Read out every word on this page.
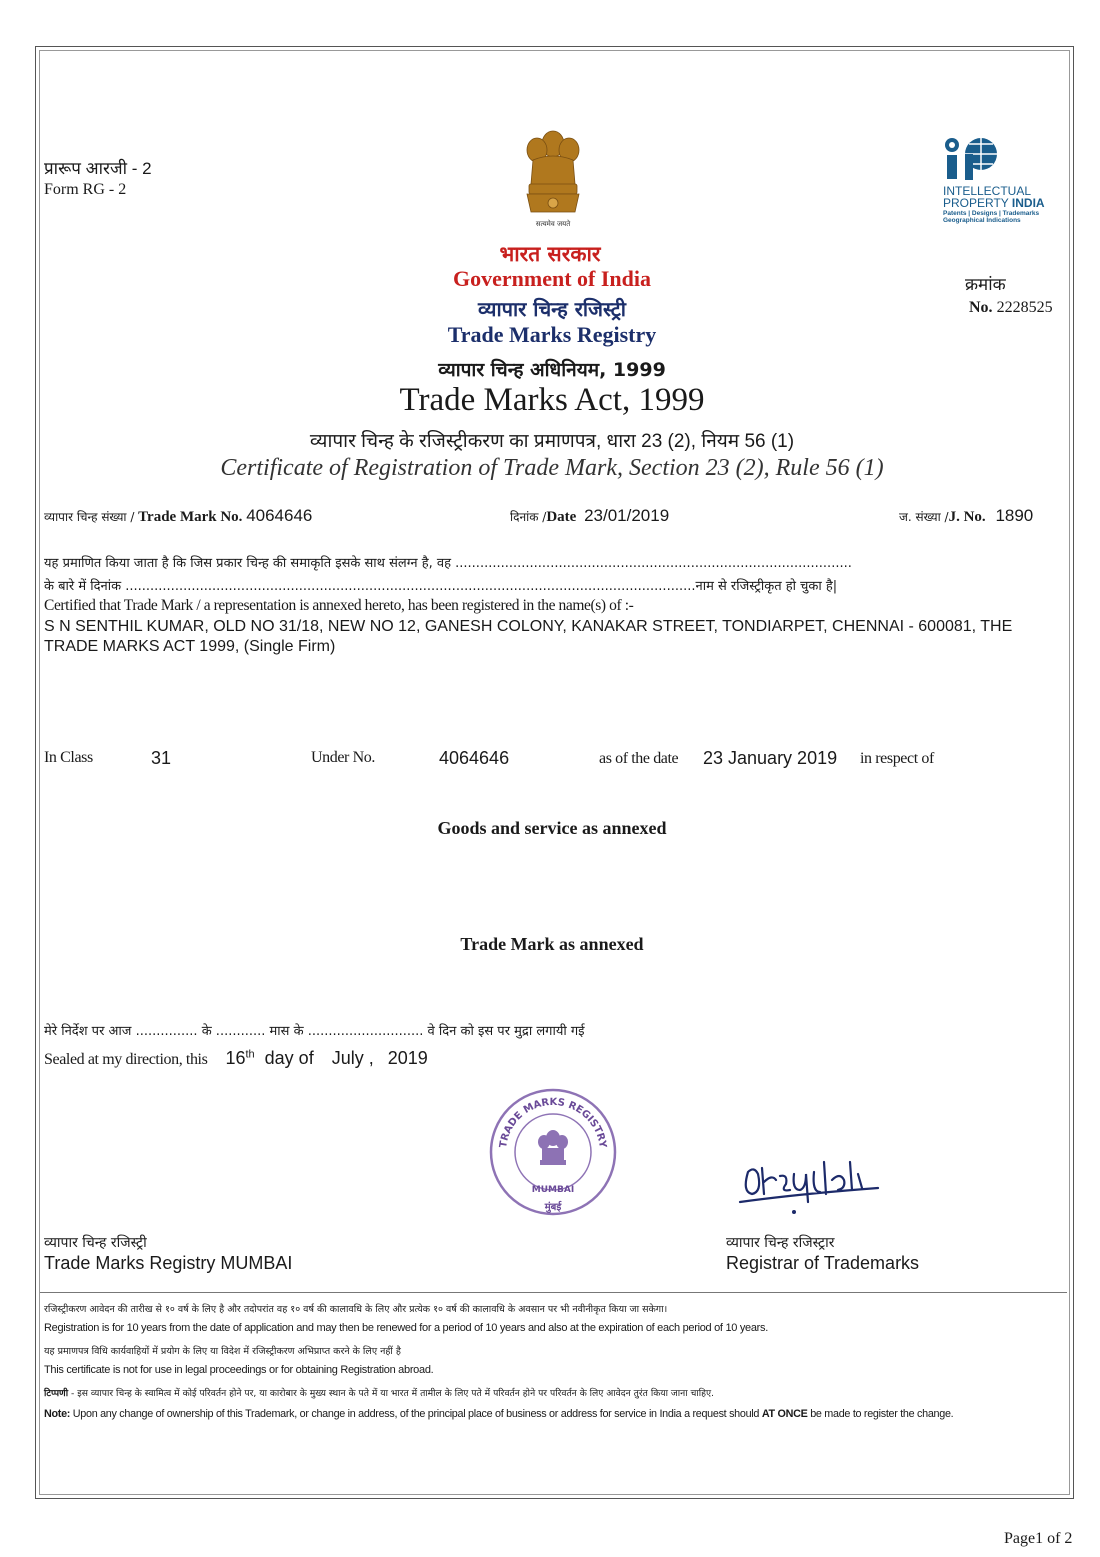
प्रारूप आरजी - 2
Form RG - 2
सत्यमेव जयते
INTELLECTUAL
PROPERTY INDIA
Patents | Designs | Trademarks
Geographical Indications
भारत सरकार
Government of India
व्यापार चिन्ह रजिस्ट्री
Trade Marks Registry
व्यापार चिन्ह अधिनियम, 1999
Trade Marks Act, 1999
व्यापार चिन्ह के रजिस्ट्रीकरण का प्रमाणपत्र, धारा 23 (2), नियम 56 (1)
Certificate of Registration of Trade Mark, Section 23 (2), Rule 56 (1)
क्रमांक
No. 2228525
व्यापार चिन्ह संख्या / Trade Mark No. 4064646	दिनांक /Date 23/01/2019	ज. संख्या /J. No. 1890
यह प्रमाणित किया जाता है कि जिस प्रकार चिन्ह की समाकृति इसके साथ संलग्न है, वह ................................................................................................
के बारे में दिनांक ..........................................................................................................................................नाम से रजिस्ट्रीकृत हो चुका है|
Certified that Trade Mark / a representation is annexed hereto, has been registered in the name(s) of :-
S N SENTHIL KUMAR, OLD NO 31/18, NEW NO 12, GANESH COLONY, KANAKAR STREET, TONDIARPET, CHENNAI - 600081, THE
TRADE MARKS ACT 1999, (Single Firm)
In Class	31	Under No.	4064646	as of the date 23 January 2019 in respect of
Goods and service as annexed
Trade Mark as annexed
मेरे निर्देश पर आज ............... के ............ मास के ............................ वे दिन को इस पर मुद्रा लगायी गई
Sealed at my direction, this 16th day of July , 2019
TRADE MARKS REGISTRY
MUMBAI
मुंबई
व्यापार चिन्ह रजिस्ट्री
Trade Marks Registry MUMBAI
व्यापार चिन्ह रजिस्ट्रार
Registrar of Trademarks
रजिस्ट्रीकरण आवेदन की तारीख से १० वर्ष के लिए है और तदोपरांत वह १० वर्ष की कालावधि के लिए और प्रत्येक १० वर्ष की कालावधि के अवसान पर भी नवीनीकृत किया जा सकेगा।
Registration is for 10 years from the date of application and may then be renewed for a period of 10 years and also at the expiration of each period of 10 years.
यह प्रमाणपत्र विधि कार्यवाहियों में प्रयोग के लिए या विदेश में रजिस्ट्रीकरण अभिप्राप्त करने के लिए नहीं है
This certificate is not for use in legal proceedings or for obtaining Registration abroad.
टिप्पणी - इस व्यापार चिन्ह के स्वामित्व में कोई परिवर्तन होने पर, या कारोबार के मुख्य स्थान के पते में या भारत में तामील के लिए पते में परिवर्तन होने पर परिवर्तन के लिए आवेदन तुरंत किया जाना चाहिए.
Note: Upon any change of ownership of this Trademark, or change in address, of the principal place of business or address for service in India a request should AT ONCE be made to register the change.
Page1 of 2
